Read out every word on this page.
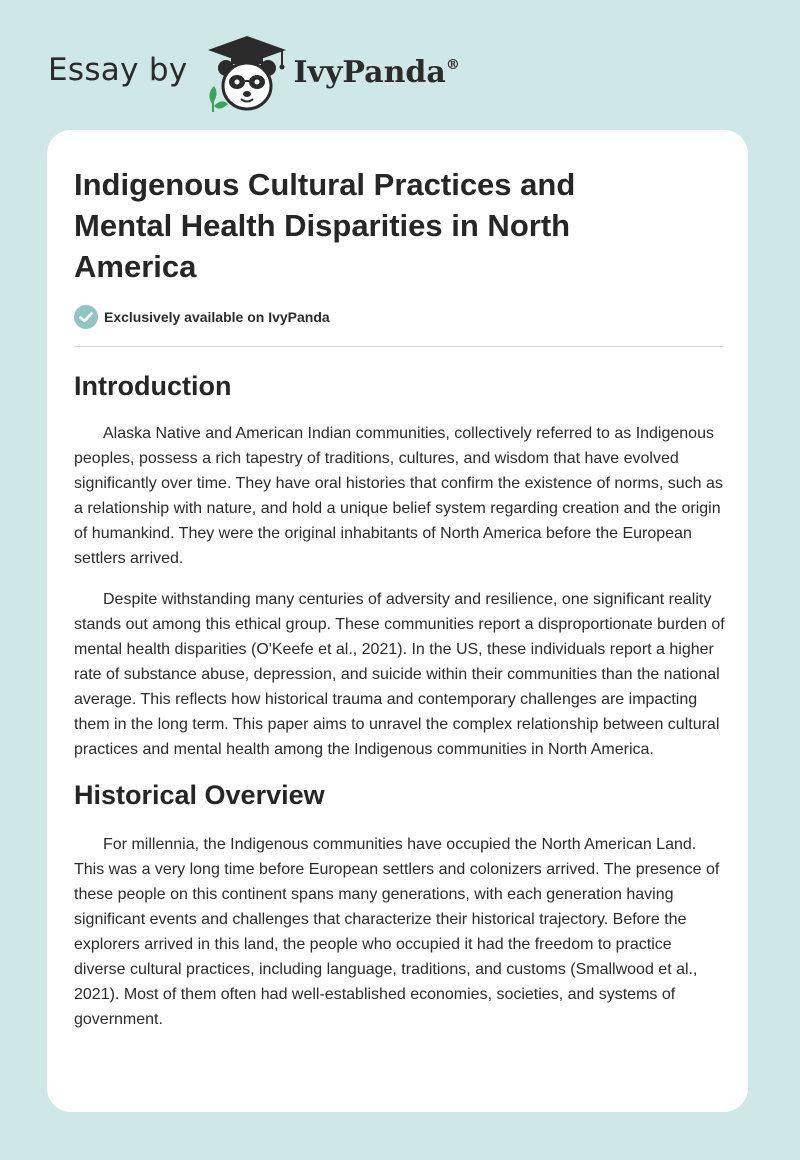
Essay by	IvyPanda®
Indigenous Cultural Practices and Mental Health Disparities in North America
Exclusively available on IvyPanda
Introduction

Alaska Native and American Indian communities, collectively referred to as Indigenous peoples, possess a rich tapestry of traditions, cultures, and wisdom that have evolved significantly over time. They have oral histories that confirm the existence of norms, such as a relationship with nature, and hold a unique belief system regarding creation and the origin of humankind. They were the original inhabitants of North America before the European settlers arrived.

Despite withstanding many centuries of adversity and resilience, one significant reality stands out among this ethical group. These communities report a disproportionate burden of mental health disparities (O'Keefe et al., 2021). In the US, these individuals report a higher rate of substance abuse, depression, and suicide within their communities than the national average. This reflects how historical trauma and contemporary challenges are impacting them in the long term. This paper aims to unravel the complex relationship between cultural practices and mental health among the Indigenous communities in North America.

Historical Overview

For millennia, the Indigenous communities have occupied the North American Land. This was a very long time before European settlers and colonizers arrived. The presence of these people on this continent spans many generations, with each generation having significant events and challenges that characterize their historical trajectory. Before the explorers arrived in this land, the people who occupied it had the freedom to practice diverse cultural practices, including language, traditions, and customs (Smallwood et al., 2021). Most of them often had well-established economies, societies, and systems of government.
